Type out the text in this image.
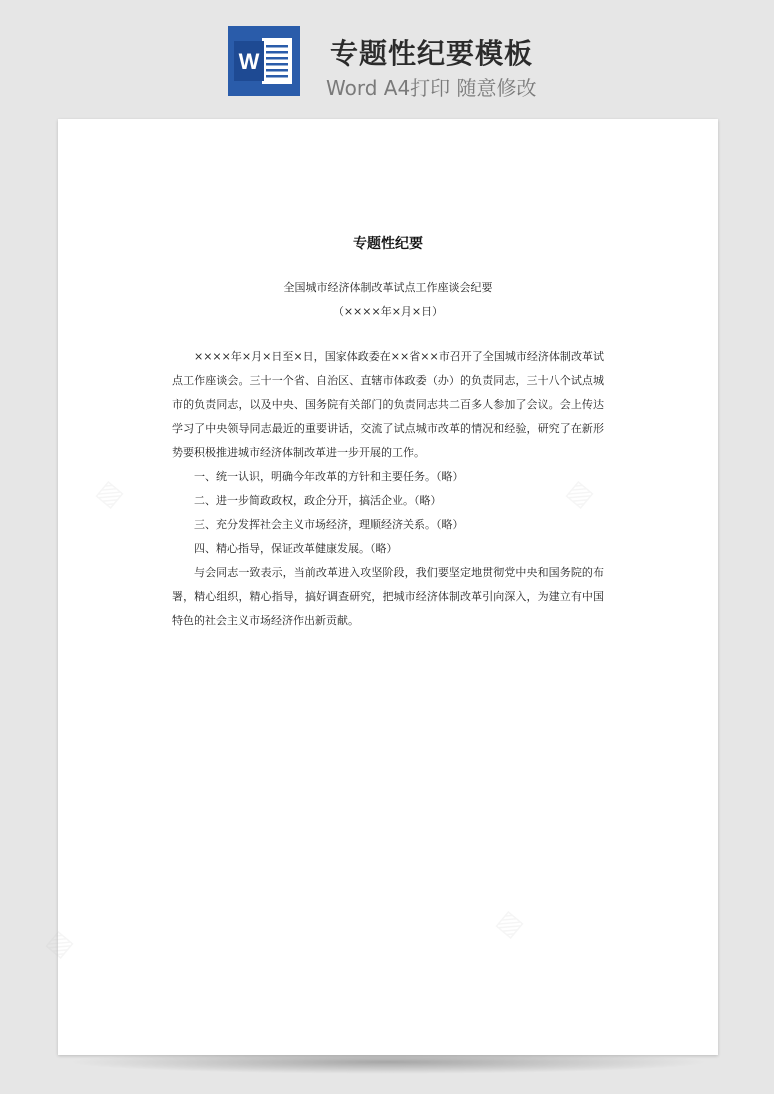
W	专题性纪要模板
Word A4打印 随意修改
▨	▨
▨
▨
专题性纪要
全国城市经济体制改革试点工作座谈会纪要
（××××年×月×日）

××××年×月×日至×日，国家体政委在××省××市召开了全国城市经济体制改革试点工作座谈会。三十一个省、自治区、直辖市体政委（办）的负责同志，三十八个试点城市的负责同志，以及中央、国务院有关部门的负责同志共二百多人参加了会议。会上传达学习了中央领导同志最近的重要讲话，交流了试点城市改革的情况和经验，研究了在新形势要积极推进城市经济体制改革进一步开展的工作。

一、统一认识，明确今年改革的方针和主要任务。（略）

二、进一步简政政权，政企分开，搞活企业。（略）

三、充分发挥社会主义市场经济，理顺经济关系。（略）

四、精心指导，保证改革健康发展。（略）

与会同志一致表示，当前改革进入攻坚阶段，我们要坚定地贯彻党中央和国务院的布署，精心组织，精心指导，搞好调查研究，把城市经济体制改革引向深入，为建立有中国特色的社会主义市场经济作出新贡献。
